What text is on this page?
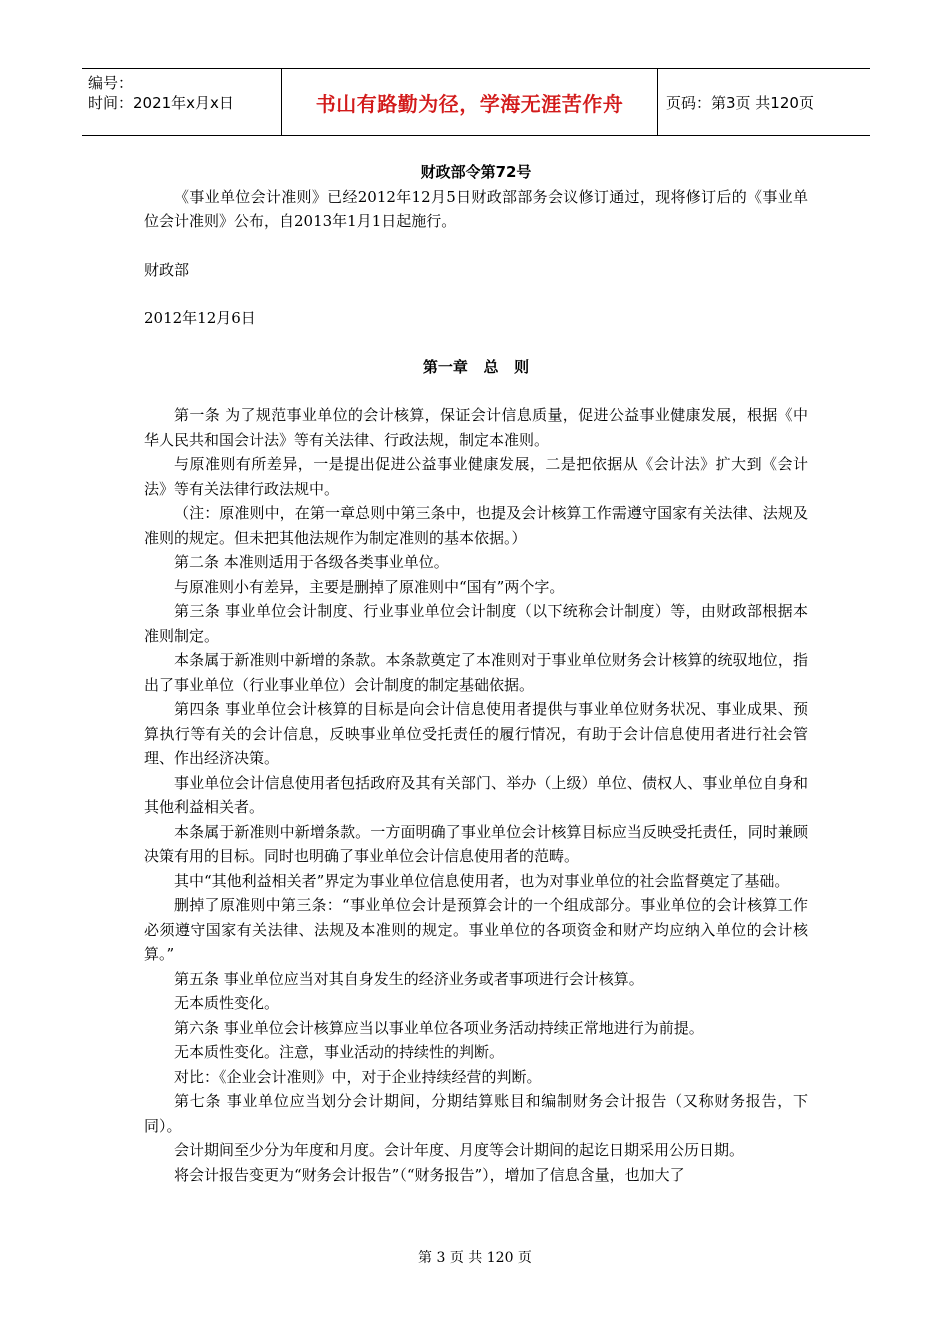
编号：
时间：2021年x月x日	书山有路勤为径，学海无涯苦作舟	页码：第3页 共120页

财政部令第72号

《事业单位会计准则》已经2012年12月5日财政部部务会议修订通过，现将修订后的《事业单位会计准则》公布，自2013年1月1日起施行。

财政部

2012年12月6日

第一章   总   则

第一条 为了规范事业单位的会计核算，保证会计信息质量，促进公益事业健康发展，根据《中华人民共和国会计法》等有关法律、行政法规，制定本准则。

与原准则有所差异，一是提出促进公益事业健康发展，二是把依据从《会计法》扩大到《会计法》等有关法律行政法规中。

（注：原准则中，在第一章总则中第三条中，也提及会计核算工作需遵守国家有关法律、法规及准则的规定。但未把其他法规作为制定准则的基本依据。）

第二条 本准则适用于各级各类事业单位。

与原准则小有差异，主要是删掉了原准则中“国有”两个字。

第三条 事业单位会计制度、行业事业单位会计制度（以下统称会计制度）等，由财政部根据本准则制定。

本条属于新准则中新增的条款。本条款奠定了本准则对于事业单位财务会计核算的统驭地位，指出了事业单位（行业事业单位）会计制度的制定基础依据。

第四条 事业单位会计核算的目标是向会计信息使用者提供与事业单位财务状况、事业成果、预算执行等有关的会计信息，反映事业单位受托责任的履行情况，有助于会计信息使用者进行社会管理、作出经济决策。

事业单位会计信息使用者包括政府及其有关部门、举办（上级）单位、债权人、事业单位自身和其他利益相关者。

本条属于新准则中新增条款。一方面明确了事业单位会计核算目标应当反映受托责任，同时兼顾决策有用的目标。同时也明确了事业单位会计信息使用者的范畴。

其中“其他利益相关者”界定为事业单位信息使用者，也为对事业单位的社会监督奠定了基础。

删掉了原准则中第三条：“事业单位会计是预算会计的一个组成部分。事业单位的会计核算工作必须遵守国家有关法律、法规及本准则的规定。事业单位的各项资金和财产均应纳入单位的会计核算。”

第五条 事业单位应当对其自身发生的经济业务或者事项进行会计核算。

无本质性变化。

第六条 事业单位会计核算应当以事业单位各项业务活动持续正常地进行为前提。

无本质性变化。注意，事业活动的持续性的判断。

对比：《企业会计准则》中，对于企业持续经营的判断。

第七条 事业单位应当划分会计期间，分期结算账目和编制财务会计报告（又称财务报告，下同）。

会计期间至少分为年度和月度。会计年度、月度等会计期间的起讫日期采用公历日期。

将会计报告变更为“财务会计报告”（“财务报告”），增加了信息含量，也加大了

第 3 页 共 120 页
